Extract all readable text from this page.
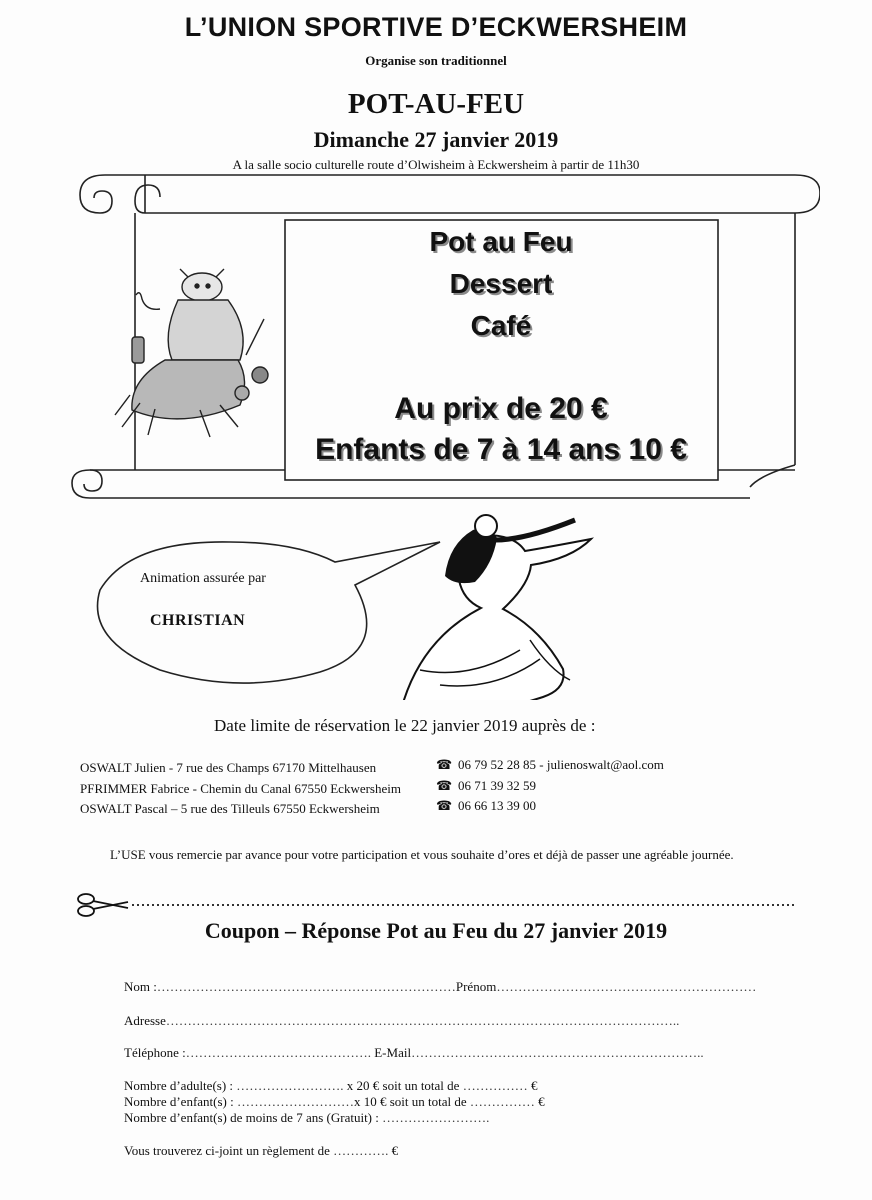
L’UNION SPORTIVE D’ECKWERSHEIM
Organise son traditionnel
POT-AU-FEU
Dimanche 27 janvier 2019
A la salle socio culturelle route d’Olwisheim à Eckwersheim à partir de 11h30
Pot au Feu
Dessert
Café
Au prix de 20 €
Enfants de 7 à 14 ans 10 €
Animation assurée par
CHRISTIAN
Date limite de réservation le 22 janvier 2019 auprès de :
OSWALT Julien - 7 rue des Champs 67170 Mittelhausen
PFRIMMER Fabrice - Chemin du Canal 67550 Eckwersheim
OSWALT Pascal – 5 rue des Tilleuls 67550 Eckwersheim
☎ 06 79 52 28 85 - julienoswalt@aol.com
☎ 06 71 39 32 59
☎ 06 66 13 39 00
L’USE vous remercie par avance pour votre participation et vous souhaite d’ores et déjà de passer une agréable journée.
Coupon – Réponse Pot au Feu du 27 janvier 2019
Nom :……………………………………………………………Prénom……………………………………………………
Adresse………………………………………………………………………………………………………..
Téléphone :……………………………………. E-Mail…………………………………………………………..
Nombre d’adulte(s) : ……………………. x 20 € soit un total de …………… €
Nombre d’enfant(s) : ………………………x 10 € soit un total de …………… €
Nombre d’enfant(s) de moins de 7 ans (Gratuit) : …………………….
Vous trouverez ci-joint un règlement de …………. €
